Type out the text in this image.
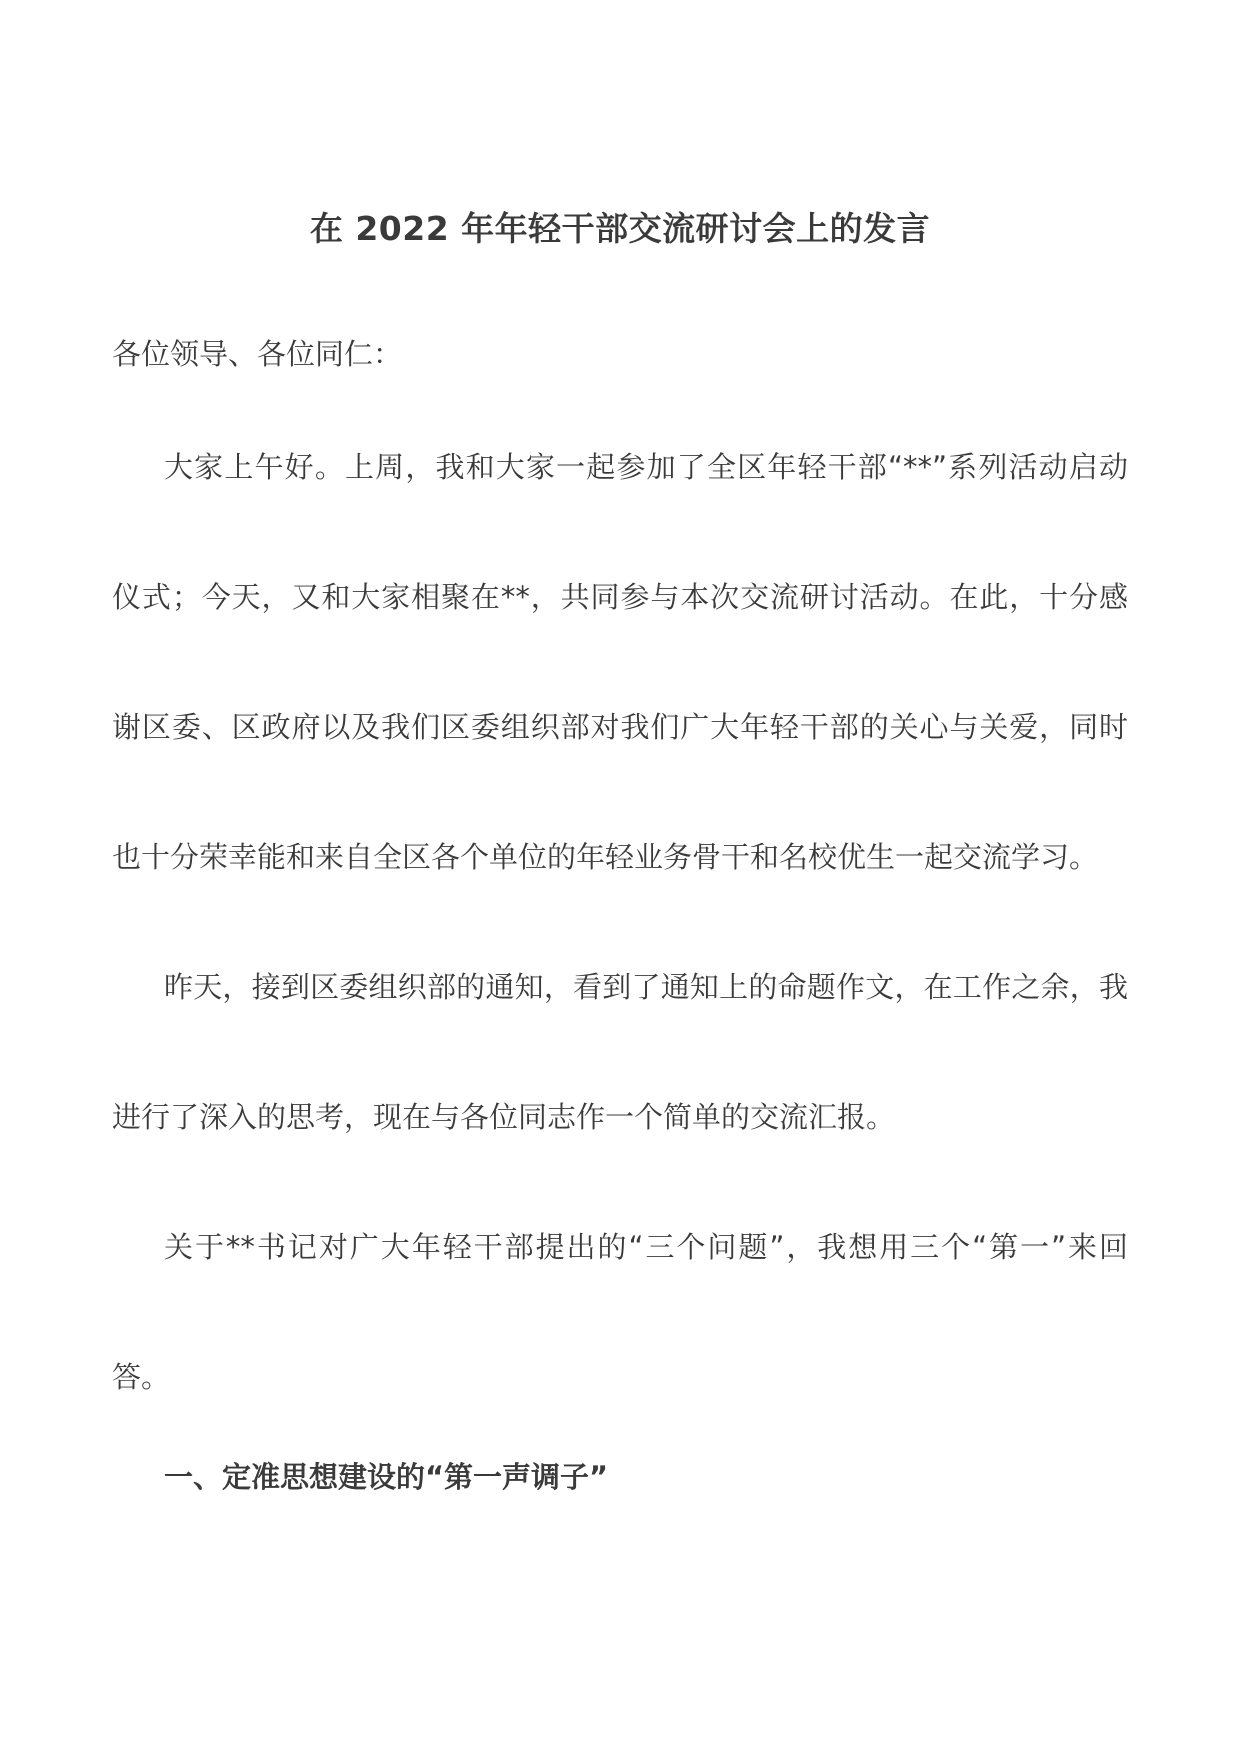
在 2022 年年轻干部交流研讨会上的发言
各位领导、各位同仁：
大家上午好。上周，我和大家一起参加了全区年轻干部“**”系列活动启动
仪式；今天，又和大家相聚在**，共同参与本次交流研讨活动。在此，十分感
谢区委、区政府以及我们区委组织部对我们广大年轻干部的关心与关爱，同时
也十分荣幸能和来自全区各个单位的年轻业务骨干和名校优生一起交流学习。
昨天，接到区委组织部的通知，看到了通知上的命题作文，在工作之余，我
进行了深入的思考，现在与各位同志作一个简单的交流汇报。
关于**书记对广大年轻干部提出的“三个问题”，我想用三个“第一”来回
答。
一、定准思想建设的“第一声调子”
